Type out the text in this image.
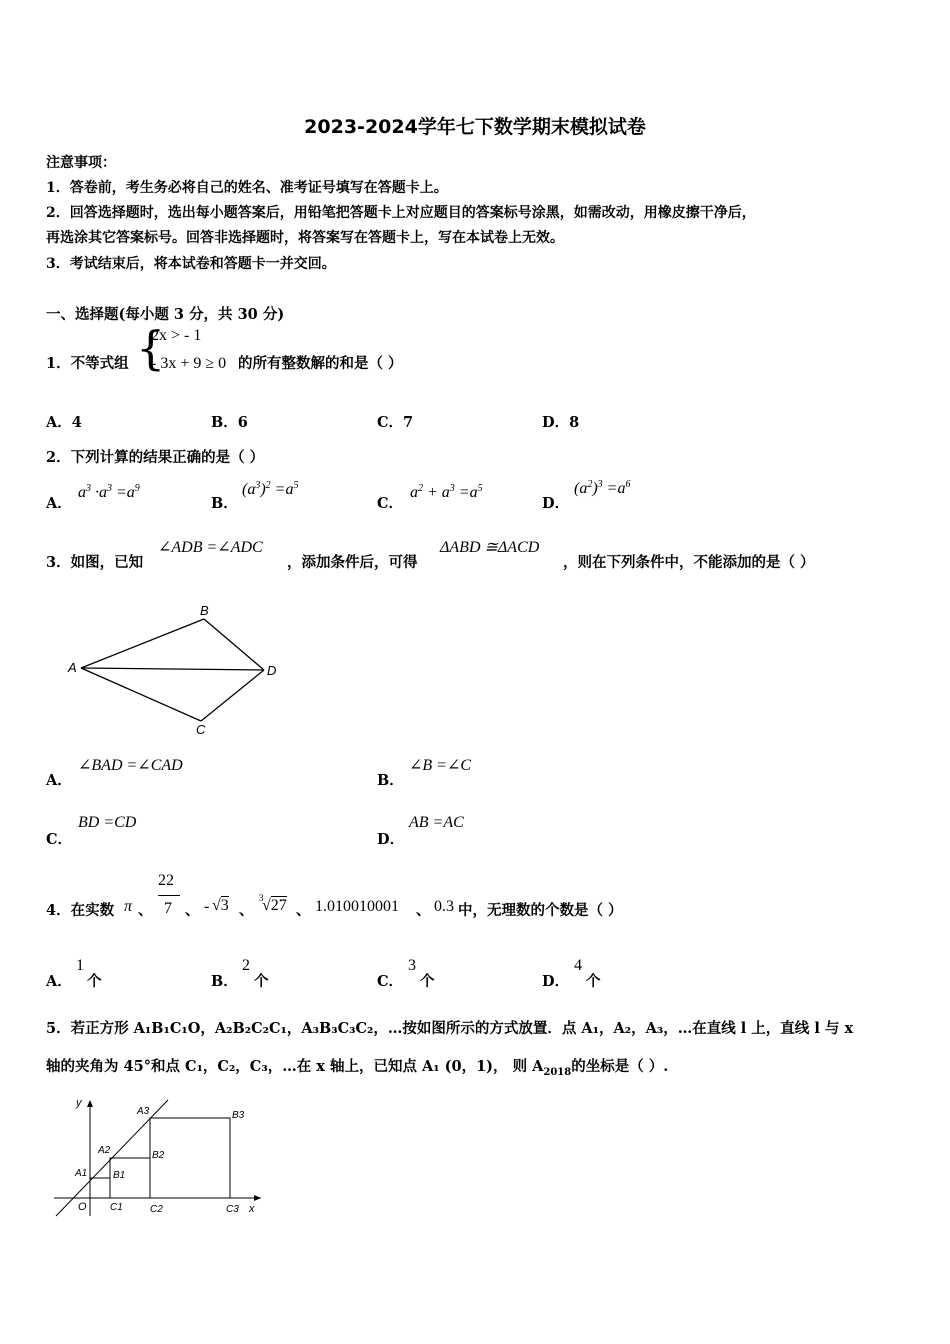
2023-2024学年七下数学期末模拟试卷
注意事项：
1．答卷前，考生务必将自己的姓名、准考证号填写在答题卡上。
2．回答选择题时，选出每小题答案后，用铅笔把答题卡上对应题目的答案标号涂黑，如需改动，用橡皮擦干净后，
再选涂其它答案标号。回答非选择题时，将答案写在答题卡上，写在本试卷上无效。
3．考试结束后，将本试卷和答题卡一并交回。
一、选择题(每小题 3 分，共 30 分)
1．不等式组 {
2x > - 1
- 3x + 9 ≥ 0 的所有整数解的和是（ ）
A．4	B．6	C．7	D．8
2．下列计算的结果正确的是（ ）
A．
$a^3 \cdot a^3 =a^9$
B．
$(a^3)^2 =a^5$
C．
$a^2 + a^3 =a^5$
D．
$(a^2)^3 =a^6$
3．如图，已知
∠ADB =∠ADC
，添加条件后，可得
ΔABD ≅ΔACD
，则在下列条件中，不能添加的是（ ）
A
B
C
D
A．
∠BAD =∠CAD
B．
∠B =∠C
C．
BD =CD
D．
AB =AC
4．在实数 π 、
22
7 、 - √3 、
3
√27 、 1.010010001 、 0.3 中，无理数的个数是（ ）
A．
1
个	B．
2
个	C．
3
个	D．
4
个
5．若正方形 A₁B₁C₁O，A₂B₂C₂C₁，A₃B₃C₃C₂，…按如图所示的方式放置．点 A₁，A₂，A₃，…在直线 l 上，直线 l 与 x
轴的夹角为 45°和点 C₁，C₂，C₃，…在 x 轴上，已知点 A₁ (0，1)， 则 $A_{2018}$的坐标是（ ）.
y
x
O
A1
A2
A3
B1
B2
B3
C1	C2	C3
